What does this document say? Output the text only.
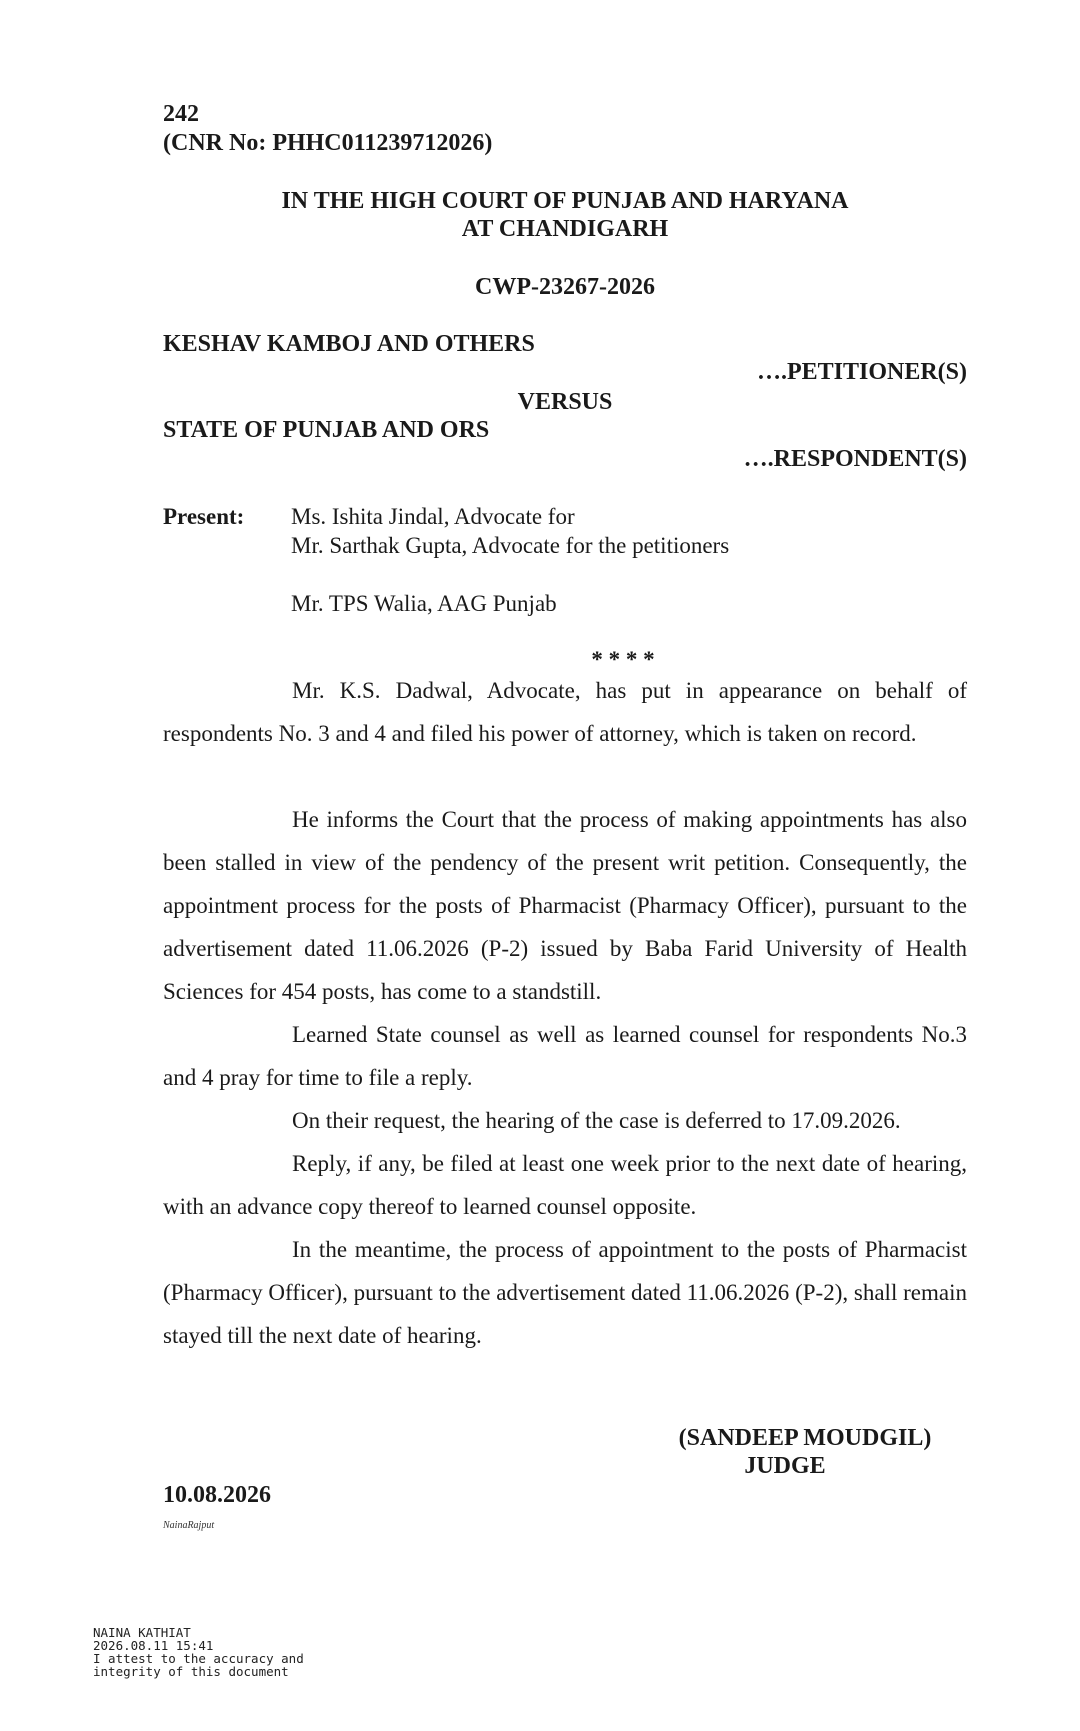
242
(CNR No: PHHC011239712026)
IN THE HIGH COURT OF PUNJAB AND HARYANA
AT CHANDIGARH
CWP-23267-2026
KESHAV KAMBOJ AND OTHERS
….PETITIONER(S)
VERSUS
STATE OF PUNJAB AND ORS
….RESPONDENT(S)
Present: Ms. Ishita Jindal, Advocate for
Mr. Sarthak Gupta, Advocate for the petitioners
Mr. TPS Walia, AAG Punjab
* * * *
Mr. K.S. Dadwal, Advocate, has put in appearance on behalf of respondents No. 3 and 4 and filed his power of attorney, which is taken on record.
He informs the Court that the process of making appointments has also been stalled in view of the pendency of the present writ petition. Consequently, the appointment process for the posts of Pharmacist (Pharmacy Officer), pursuant to the advertisement dated 11.06.2026 (P-2) issued by Baba Farid University of Health Sciences for 454 posts, has come to a standstill.
Learned State counsel as well as learned counsel for respondents No.3 and 4 pray for time to file a reply.
On their request, the hearing of the case is deferred to 17.09.2026.
Reply, if any, be filed at least one week prior to the next date of hearing, with an advance copy thereof to learned counsel opposite.
In the meantime, the process of appointment to the posts of Pharmacist (Pharmacy Officer), pursuant to the advertisement dated 11.06.2026 (P-2), shall remain stayed till the next date of hearing.
(SANDEEP MOUDGIL)
JUDGE
10.08.2026
NainaRajput
NAINA KATHIAT
2026.08.11 15:41
I attest to the accuracy and
integrity of this document
